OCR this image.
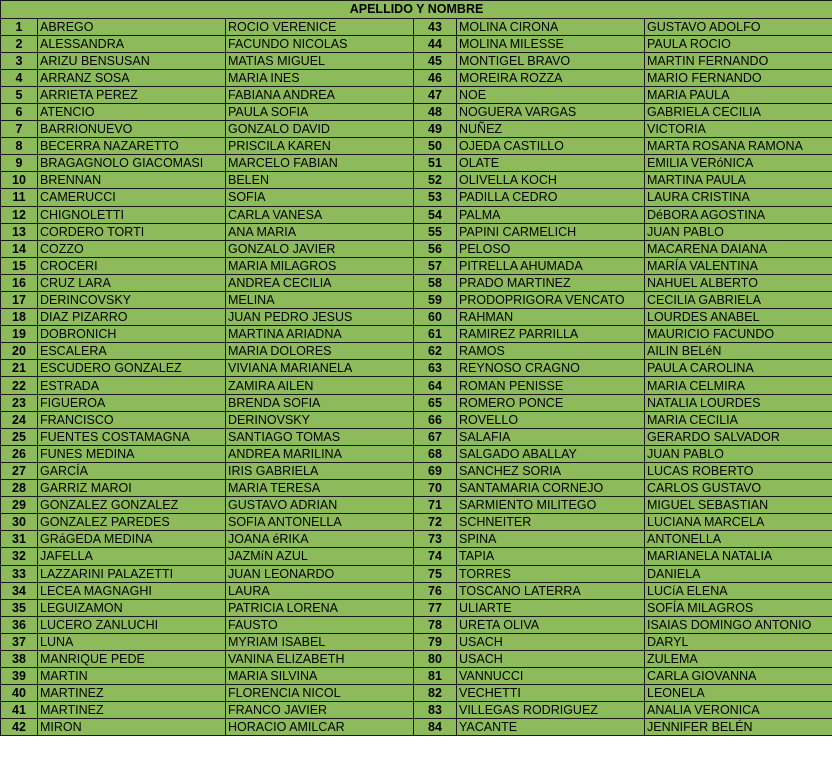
APELLIDO Y NOMBRE					
1	ABREGO	ROCIO VERENICE	43	MOLINA CIRONA	GUSTAVO ADOLFO
2	ALESSANDRA	FACUNDO NICOLAS	44	MOLINA MILESSE	PAULA ROCIO
3	ARIZU BENSUSAN	MATIAS MIGUEL	45	MONTIGEL BRAVO	MARTIN FERNANDO
4	ARRANZ SOSA	MARIA INES	46	MOREIRA ROZZA	MARIO FERNANDO
5	ARRIETA PEREZ	FABIANA ANDREA	47	NOE	MARIA PAULA
6	ATENCIO	PAULA SOFIA	48	NOGUERA VARGAS	GABRIELA CECILIA
7	BARRIONUEVO	GONZALO DAVID	49	NUÑEZ	VICTORIA
8	BECERRA NAZARETTO	PRISCILA KAREN	50	OJEDA CASTILLO	MARTA ROSANA RAMONA
9	BRAGAGNOLO GIACOMASI	MARCELO FABIAN	51	OLATE	EMILIA VERóNICA
10	BRENNAN	BELEN	52	OLIVELLA KOCH	MARTINA PAULA
11	CAMERUCCI	SOFIA	53	PADILLA CEDRO	LAURA CRISTINA
12	CHIGNOLETTI	CARLA VANESA	54	PALMA	DéBORA AGOSTINA
13	CORDERO TORTI	ANA MARIA	55	PAPINI CARMELICH	JUAN PABLO
14	COZZO	GONZALO JAVIER	56	PELOSO	MACARENA DAIANA
15	CROCERI	MARIA MILAGROS	57	PITRELLA AHUMADA	MARÍA VALENTINA
16	CRUZ LARA	ANDREA CECILIA	58	PRADO MARTINEZ	NAHUEL ALBERTO
17	DERINCOVSKY	MELINA	59	PRODOPRIGORA VENCATO	CECILIA GABRIELA
18	DIAZ PIZARRO	JUAN PEDRO JESUS	60	RAHMAN	LOURDES ANABEL
19	DOBRONICH	MARTINA ARIADNA	61	RAMIREZ PARRILLA	MAURICIO FACUNDO
20	ESCALERA	MARIA DOLORES	62	RAMOS	AILIN BELéN
21	ESCUDERO GONZALEZ	VIVIANA MARIANELA	63	REYNOSO CRAGNO	PAULA CAROLINA
22	ESTRADA	ZAMIRA AILEN	64	ROMAN PENISSE	MARIA CELMIRA
23	FIGUEROA	BRENDA SOFIA	65	ROMERO PONCE	NATALIA LOURDES
24	FRANCISCO	DERINOVSKY	66	ROVELLO	MARIA CECILIA
25	FUENTES COSTAMAGNA	SANTIAGO TOMAS	67	SALAFIA	GERARDO SALVADOR
26	FUNES MEDINA	ANDREA MARILINA	68	SALGADO ABALLAY	JUAN PABLO
27	GARCÍA	IRIS GABRIELA	69	SANCHEZ SORIA	LUCAS ROBERTO
28	GARRIZ MAROI	MARIA TERESA	70	SANTAMARIA CORNEJO	CARLOS GUSTAVO
29	GONZALEZ GONZALEZ	GUSTAVO ADRIAN	71	SARMIENTO MILITEGO	MIGUEL SEBASTIAN
30	GONZALEZ PAREDES	SOFIA ANTONELLA	72	SCHNEITER	LUCIANA MARCELA
31	GRáGEDA MEDINA	JOANA éRIKA	73	SPINA	ANTONELLA
32	JAFELLA	JAZMíN AZUL	74	TAPIA	MARIANELA NATALIA
33	LAZZARINI PALAZETTI	JUAN LEONARDO	75	TORRES	DANIELA
34	LECEA MAGNAGHI	LAURA	76	TOSCANO LATERRA	LUCíA ELENA
35	LEGUIZAMON	PATRICIA LORENA	77	ULIARTE	SOFÍA MILAGROS
36	LUCERO ZANLUCHI	FAUSTO	78	URETA OLIVA	ISAIAS DOMINGO ANTONIO
37	LUNA	MYRIAM ISABEL	79	USACH	DARYL
38	MANRIQUE PEDE	VANINA ELIZABETH	80	USACH	ZULEMA
39	MARTIN	MARIA SILVINA	81	VANNUCCI	CARLA GIOVANNA
40	MARTINEZ	FLORENCIA NICOL	82	VECHETTI	LEONELA
41	MARTINEZ	FRANCO JAVIER	83	VILLEGAS RODRIGUEZ	ANALIA VERONICA
42	MIRON	HORACIO AMILCAR	84	YACANTE	JENNIFER BELÉN
